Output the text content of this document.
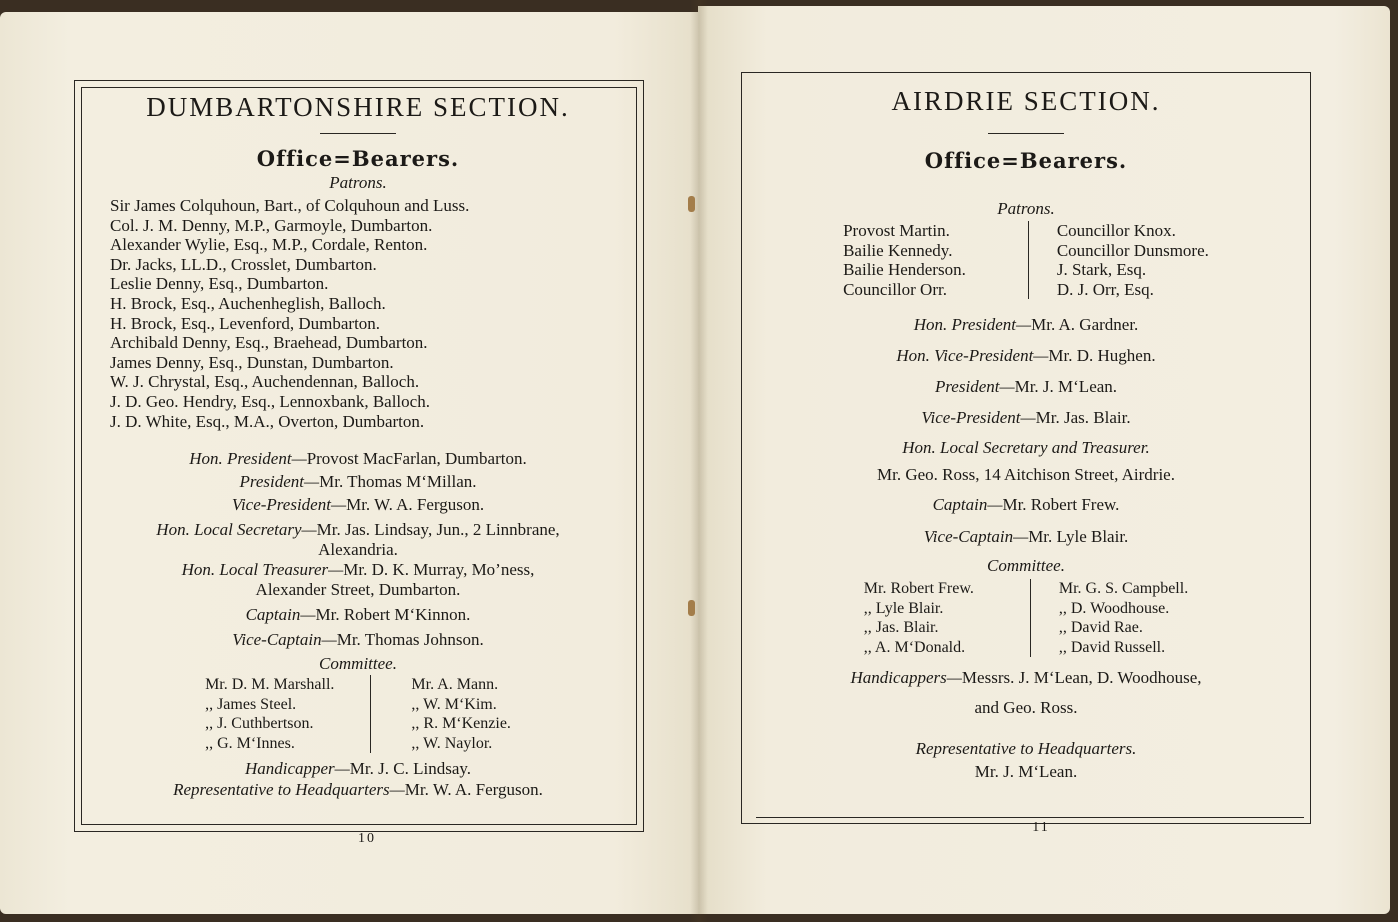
DUMBARTONSHIRE SECTION.
Office=Bearers.
Patrons.
Sir James Colquhoun, Bart., of Colquhoun and Luss.
Col. J. M. Denny, M.P., Garmoyle, Dumbarton.
Alexander Wylie, Esq., M.P., Cordale, Renton.
Dr. Jacks, LL.D., Crosslet, Dumbarton.
Leslie Denny, Esq., Dumbarton.
H. Brock, Esq., Auchenheglish, Balloch.
H. Brock, Esq., Levenford, Dumbarton.
Archibald Denny, Esq., Braehead, Dumbarton.
James Denny, Esq., Dunstan, Dumbarton.
W. J. Chrystal, Esq., Auchendennan, Balloch.
J. D. Geo. Hendry, Esq., Lennoxbank, Balloch.
J. D. White, Esq., M.A., Overton, Dumbarton.
Hon. President—Provost MacFarlan, Dumbarton.
President—Mr. Thomas M‘Millan.
Vice-President—Mr. W. A. Ferguson.
Hon. Local Secretary—Mr. Jas. Lindsay, Jun., 2 Linnbrane,
Alexandria.
Hon. Local Treasurer—Mr. D. K. Murray, Mo’ness,
Alexander Street, Dumbarton.
Captain—Mr. Robert M‘Kinnon.
Vice-Captain—Mr. Thomas Johnson.
Committee.
Mr. D. M. Marshall.
,, James Steel.
,, J. Cuthbertson.
,, G. M‘Innes.
Mr. A. Mann.
,, W. M‘Kim.
,, R. M‘Kenzie.
,, W. Naylor.
Handicapper—Mr. J. C. Lindsay.
Representative to Headquarters—Mr. W. A. Ferguson.
10
AIRDRIE SECTION.
Office=Bearers.
Patrons.
Provost Martin.
Bailie Kennedy.
Bailie Henderson.
Councillor Orr.
Councillor Knox.
Councillor Dunsmore.
J. Stark, Esq.
D. J. Orr, Esq.
Hon. President—Mr. A. Gardner.
Hon. Vice-President—Mr. D. Hughen.
President—Mr. J. M‘Lean.
Vice-President—Mr. Jas. Blair.
Hon. Local Secretary and Treasurer.
Mr. Geo. Ross, 14 Aitchison Street, Airdrie.
Captain—Mr. Robert Frew.
Vice-Captain—Mr. Lyle Blair.
Committee.
Mr. Robert Frew.
,, Lyle Blair.
,, Jas. Blair.
,, A. M‘Donald.
Mr. G. S. Campbell.
,, D. Woodhouse.
,, David Rae.
,, David Russell.
Handicappers—Messrs. J. M‘Lean, D. Woodhouse,
and Geo. Ross.
Representative to Headquarters.
Mr. J. M‘Lean.
11
